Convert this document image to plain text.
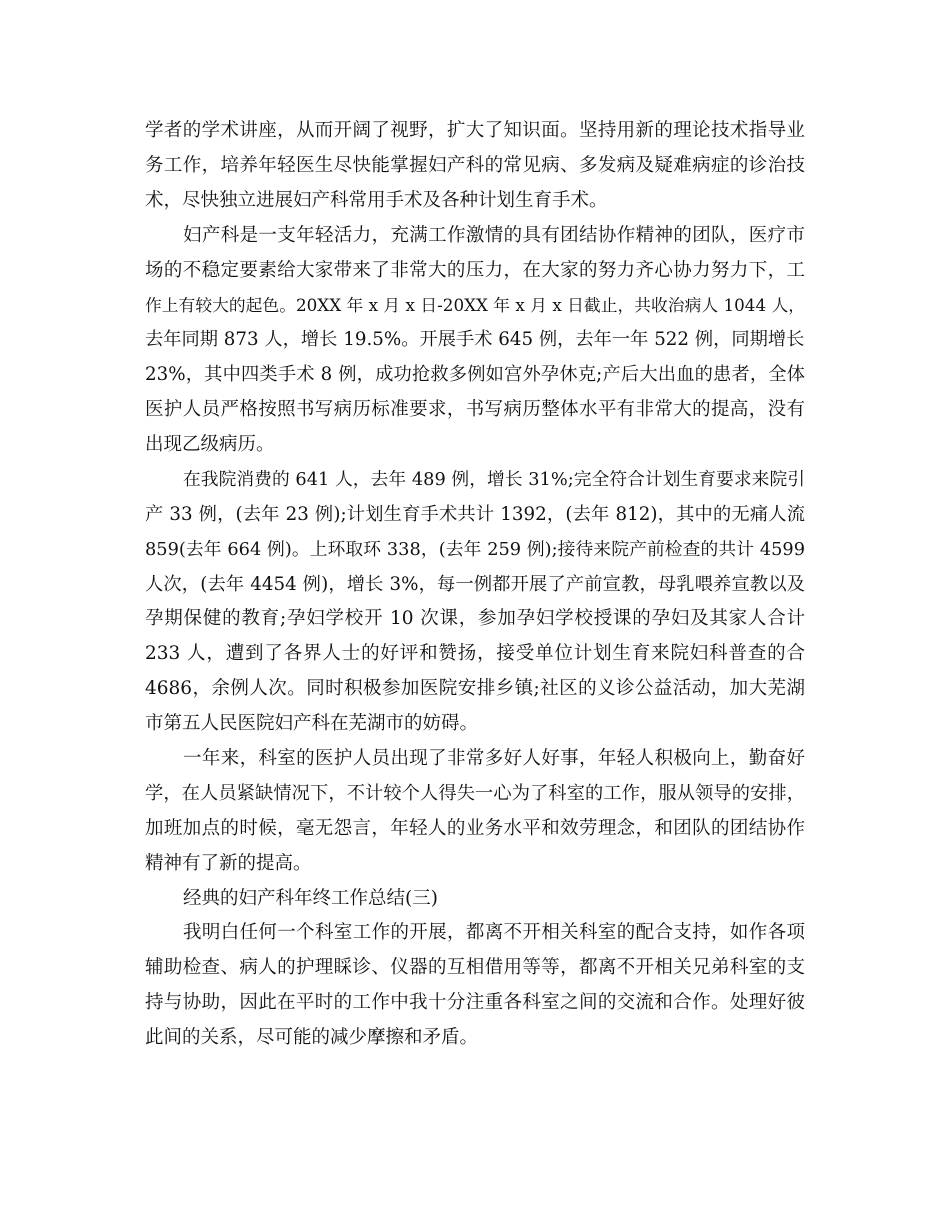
学者的学术讲座，从而开阔了视野，扩大了知识面。坚持用新的理论技术指导业
务工作，培养年轻医生尽快能掌握妇产科的常见病、多发病及疑难病症的诊治技
术，尽快独立进展妇产科常用手术及各种计划生育手术。
妇产科是一支年轻活力，充满工作激情的具有团结协作精神的团队，医疗市
场的不稳定要素给大家带来了非常大的压力，在大家的努力齐心协力努力下，工
作上有较大的起色。20XX 年 x 月 x 日-20XX 年 x 月 x 日截止，共收治病人 1044 人，
去年同期 873 人，增长 19.5%。开展手术 645 例，去年一年 522 例，同期增长
23%，其中四类手术 8 例，成功抢救多例如宫外孕休克;产后大出血的患者，全体
医护人员严格按照书写病历标准要求，书写病历整体水平有非常大的提高，没有
出现乙级病历。
在我院消费的 641 人，去年 489 例，增长 31%;完全符合计划生育要求来院引
产 33 例，(去年 23 例);计划生育手术共计 1392，(去年 812)，其中的无痛人流
859(去年 664 例)。上环取环 338，(去年 259 例);接待来院产前检查的共计 4599
人次，(去年 4454 例)，增长 3%，每一例都开展了产前宣教，母乳喂养宣教以及
孕期保健的教育;孕妇学校开 10 次课，参加孕妇学校授课的孕妇及其家人合计
233 人，遭到了各界人士的好评和赞扬，接受单位计划生育来院妇科普查的合
4686，余例人次。同时积极参加医院安排乡镇;社区的义诊公益活动，加大芜湖
市第五人民医院妇产科在芜湖市的妨碍。
一年来，科室的医护人员出现了非常多好人好事，年轻人积极向上，勤奋好
学，在人员紧缺情况下，不计较个人得失一心为了科室的工作，服从领导的安排，
加班加点的时候，毫无怨言，年轻人的业务水平和效劳理念，和团队的团结协作
精神有了新的提高。
经典的妇产科年终工作总结(三)
我明白任何一个科室工作的开展，都离不开相关科室的配合支持，如作各项
辅助检查、病人的护理睬诊、仪器的互相借用等等，都离不开相关兄弟科室的支
持与协助，因此在平时的工作中我十分注重各科室之间的交流和合作。处理好彼
此间的关系，尽可能的减少摩擦和矛盾。
